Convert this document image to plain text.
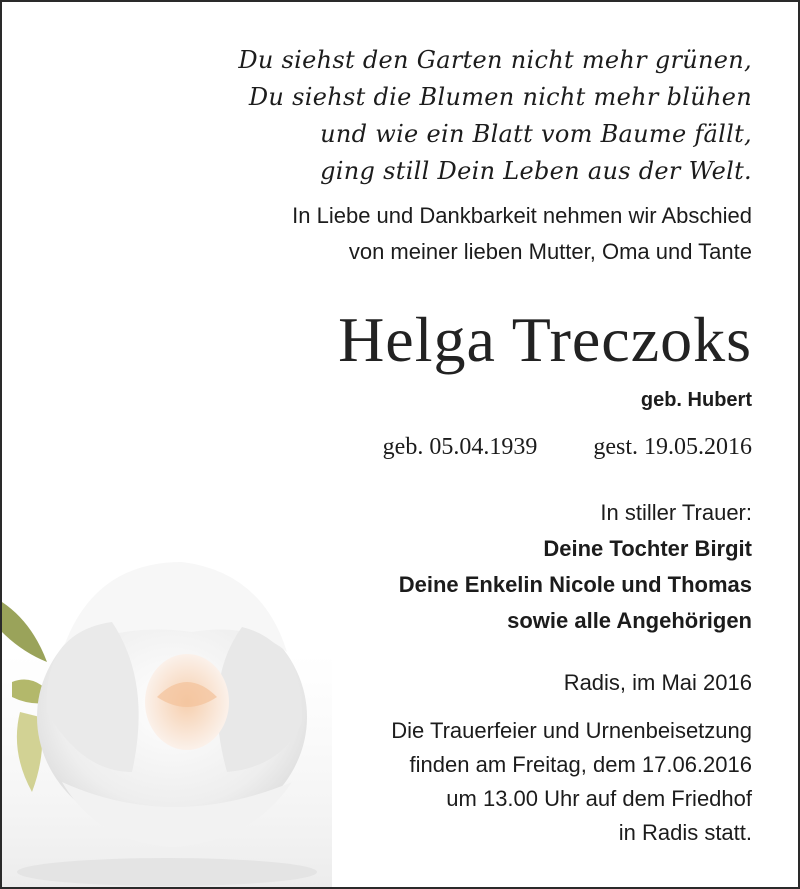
Du siehst den Garten nicht mehr grünen,
Du siehst die Blumen nicht mehr blühen
und wie ein Blatt vom Baume fällt,
ging still Dein Leben aus der Welt.
In Liebe und Dankbarkeit nehmen wir Abschied
von meiner lieben Mutter, Oma und Tante
Helga Treczoks
geb. Hubert
geb. 05.04.1939 gest. 19.05.2016
In stiller Trauer:
Deine Tochter Birgit
Deine Enkelin Nicole und Thomas
sowie alle Angehörigen
Radis, im Mai 2016
Die Trauerfeier und Urnenbeisetzung
finden am Freitag, dem 17.06.2016
um 13.00 Uhr auf dem Friedhof
in Radis statt.
